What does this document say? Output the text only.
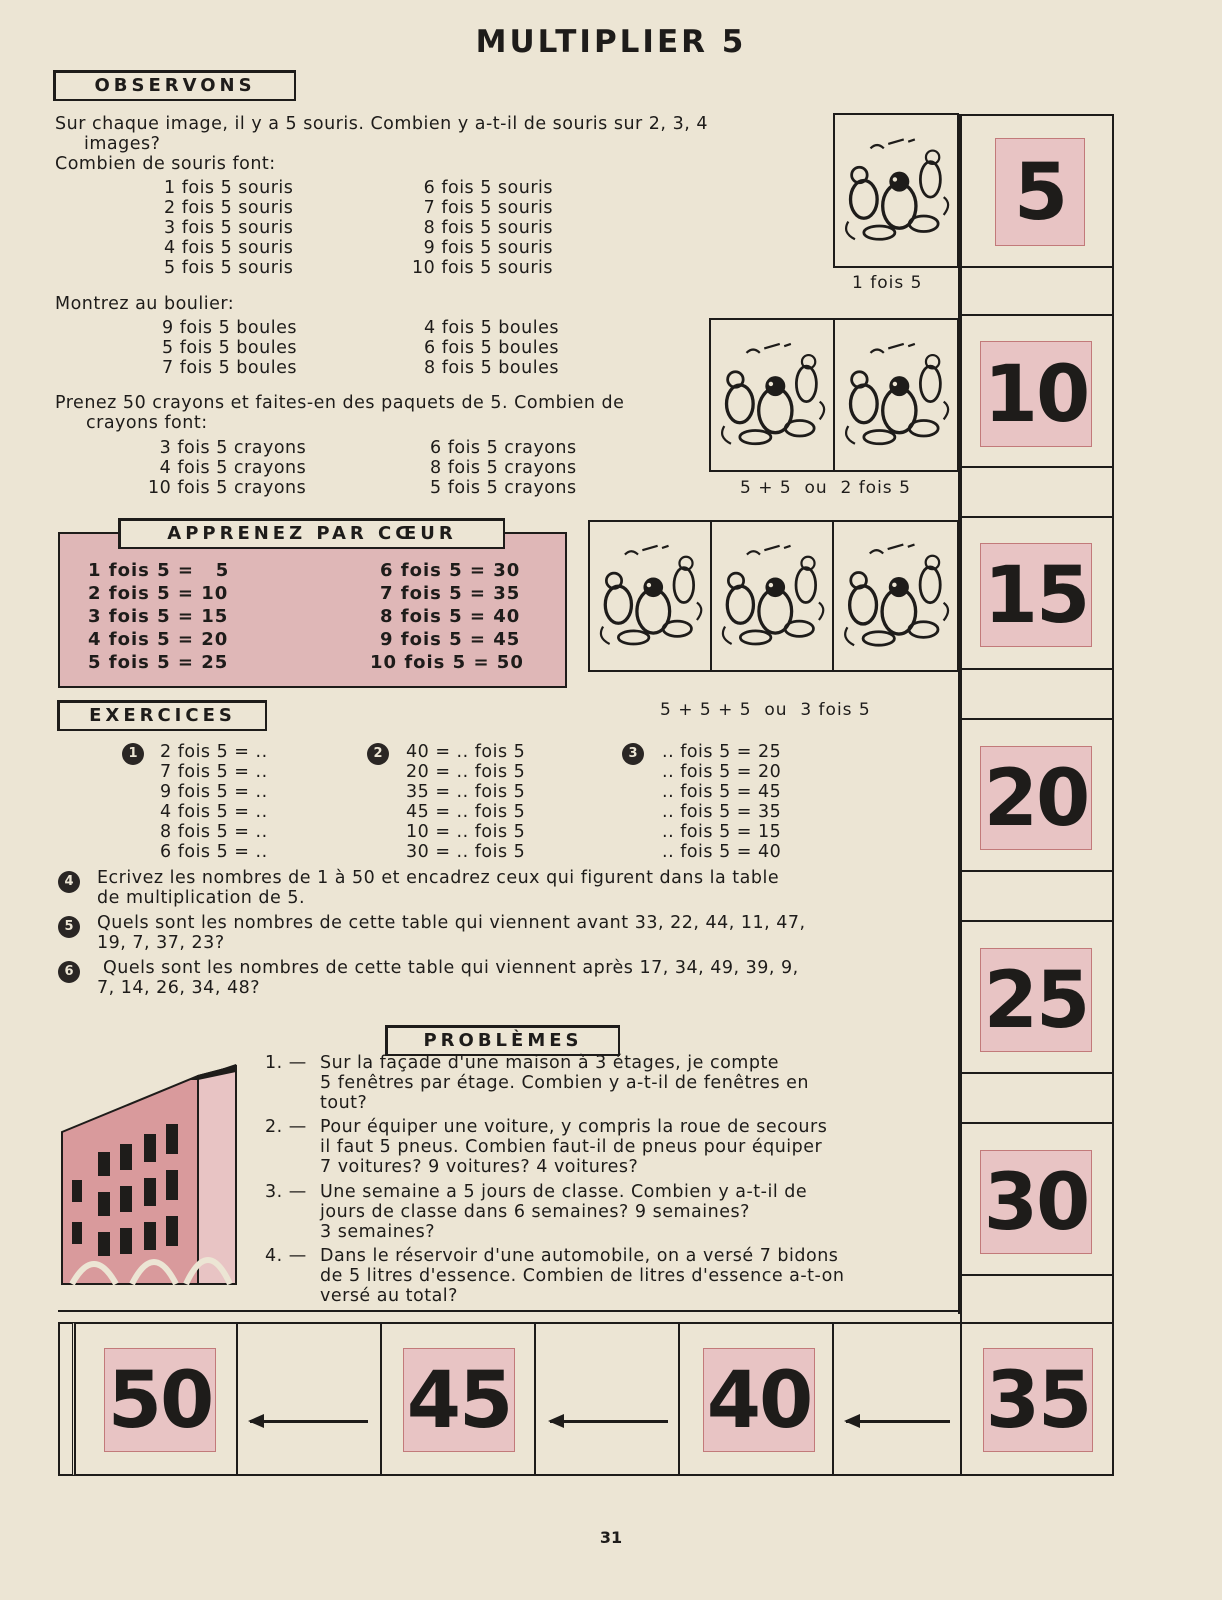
MULTIPLIER 5
OBSERVONS
Sur chaque image, il y a 5 souris. Combien y a-t-il de souris sur 2, 3, 4
images?
Combien de souris font:
1 fois 5 souris
2 fois 5 souris
3 fois 5 souris
4 fois 5 souris
5 fois 5 souris
6 fois 5 souris
7 fois 5 souris
8 fois 5 souris
9 fois 5 souris
10 fois 5 souris
Montrez au boulier:
9 fois 5 boules
5 fois 5 boules
7 fois 5 boules
4 fois 5 boules
6 fois 5 boules
8 fois 5 boules
Prenez 50 crayons et faites-en des paquets de 5. Combien de
crayons font:
3 fois 5 crayons
4 fois 5 crayons
10 fois 5 crayons
6 fois 5 crayons
8 fois 5 crayons
5 fois 5 crayons
1 fois 5 =   5
2 fois 5 = 10
3 fois 5 = 15
4 fois 5 = 20
5 fois 5 = 25
6 fois 5 = 30
7 fois 5 = 35
8 fois 5 = 40
9 fois 5 = 45
10 fois 5 = 50
APPRENEZ PAR CŒUR
1 fois 5
5 + 5  ou  2 fois 5
5 + 5 + 5  ou  3 fois 5
EXERCICES
1	2 fois 5 = ..
7 fois 5 = ..
9 fois 5 = ..
4 fois 5 = ..
8 fois 5 = ..
6 fois 5 = ..
2	40 = .. fois 5
20 = .. fois 5
35 = .. fois 5
45 = .. fois 5
10 = .. fois 5
30 = .. fois 5
3	.. fois 5 = 25
.. fois 5 = 20
.. fois 5 = 45
.. fois 5 = 35
.. fois 5 = 15
.. fois 5 = 40
4	Ecrivez les nombres de 1 à 50 et encadrez ceux qui figurent dans la table
de multiplication de 5.
5	Quels sont les nombres de cette table qui viennent avant 33, 22, 44, 11, 47,
19, 7, 37, 23?
6	Quels sont les nombres de cette table qui viennent après 17, 34, 49, 39, 9,
7, 14, 26, 34, 48?
PROBLÈMES
1. — Sur la façade d'une maison à 3 étages, je compte
5 fenêtres par étage. Combien y a-t-il de fenêtres en
tout?
2. — Pour équiper une voiture, y compris la roue de secours
il faut 5 pneus. Combien faut-il de pneus pour équiper
7 voitures? 9 voitures? 4 voitures?
3. — Une semaine a 5 jours de classe. Combien y a-t-il de
jours de classe dans 6 semaines? 9 semaines?
3 semaines?
4. — Dans le réservoir d'une automobile, on a versé 7 bidons
de 5 litres d'essence. Combien de litres d'essence a-t-on
versé au total?
5
10
15
20
25
30
35
50 45	40
31
